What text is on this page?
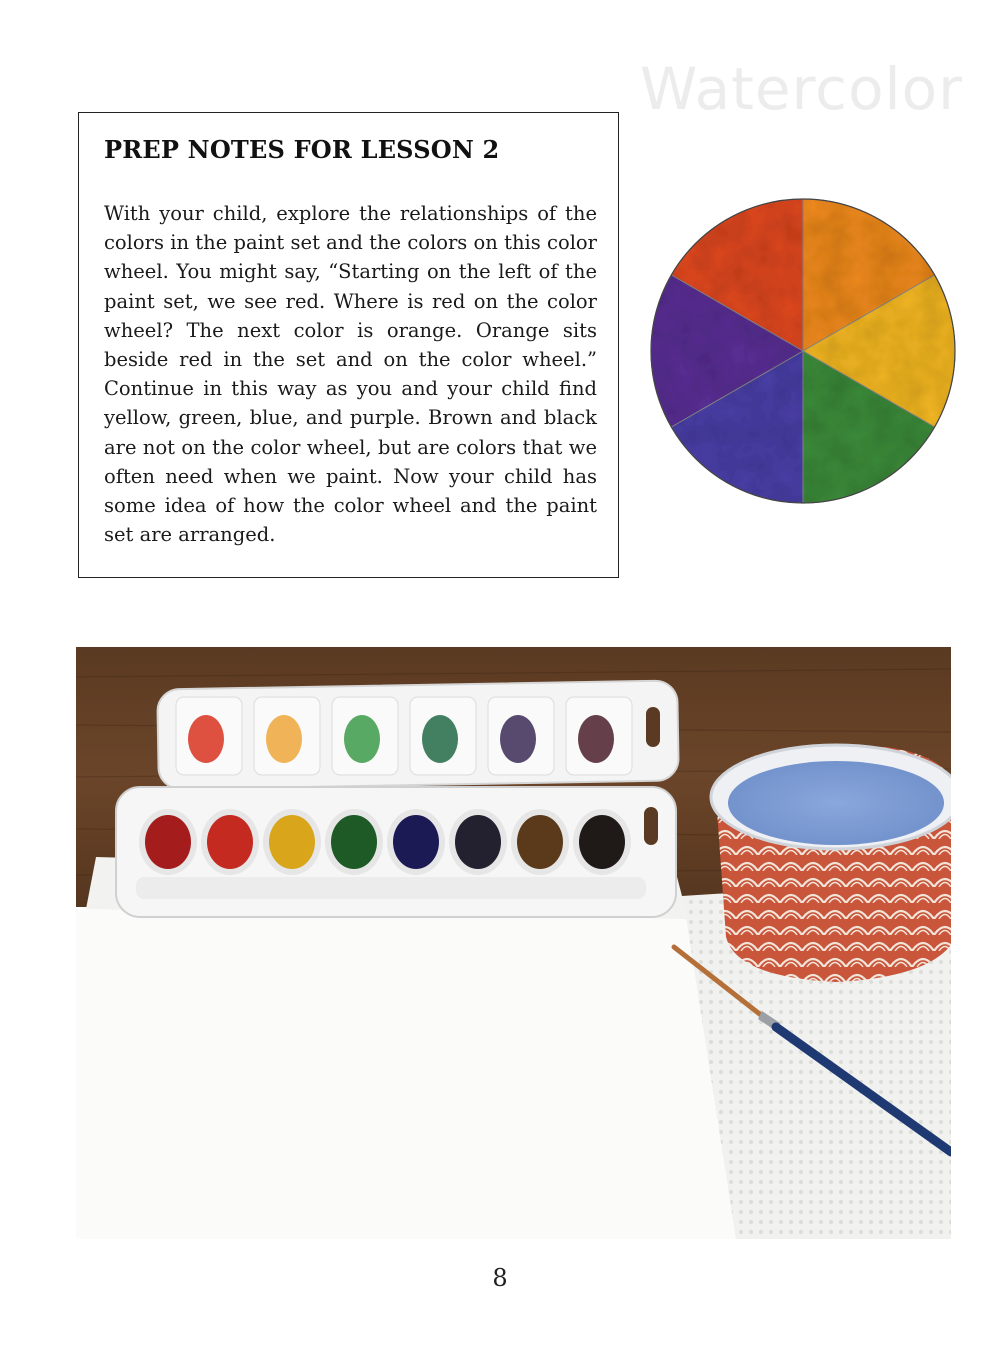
Watercolor
PREP NOTES FOR LESSON 2
With your child, explore the relationships of the colors in the paint set and the colors on this color wheel. You might say, “Starting on the left of the paint set, we see red. Where is red on the color wheel? The next color is orange. Orange sits beside red in the set and on the color wheel.” Continue in this way as you and your child find yellow, green, blue, and purple. Brown and black are not on the color wheel, but are colors that we often need when we paint. Now your child has some idea of how the color wheel and the paint set are arranged.
8
